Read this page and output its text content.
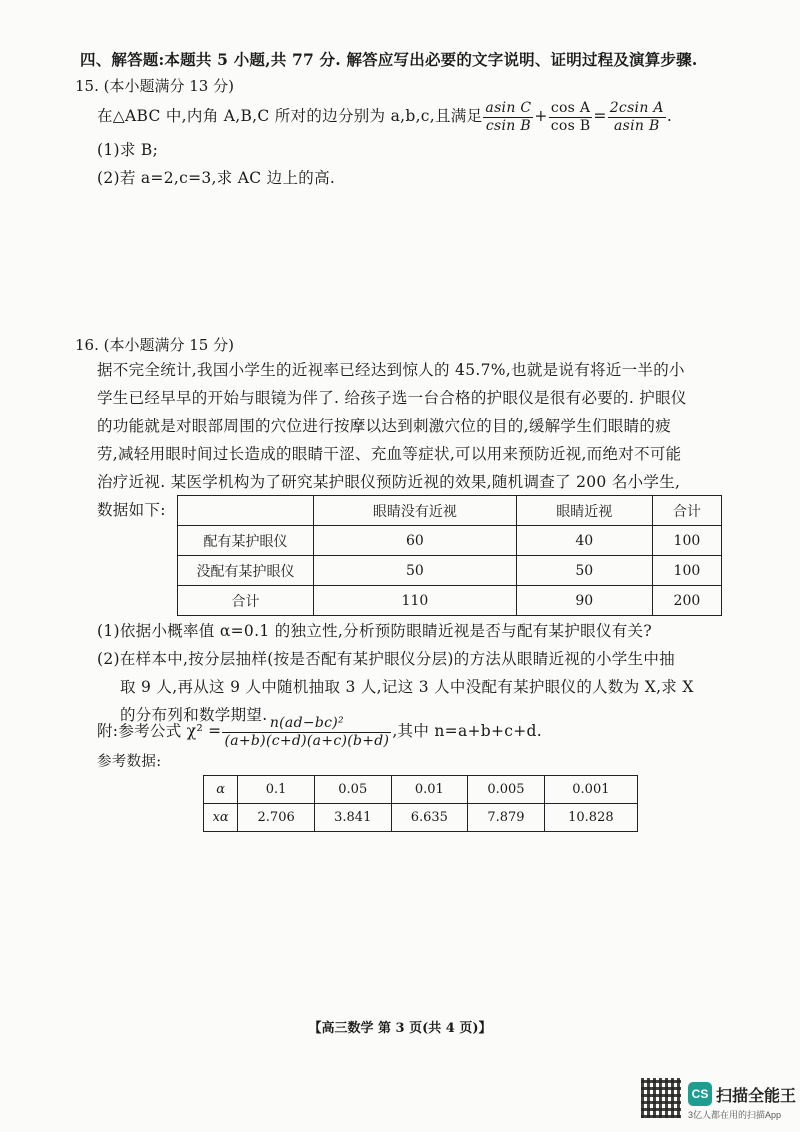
四、解答题:本题共 5 小题,共 77 分. 解答应写出必要的文字说明、证明过程及演算步骤.
15. (本小题满分 13 分)
在△ABC 中,内角 A,B,C 所对的边分别为 a,b,c,且满足 $\frac{\text{asin C}}{\text{csin B}} + \frac{\text{cos A}}{\text{cos B}} = \frac{\text{2csin A}}{\text{asin B}}$ .
(1)求 B;
(2)若 a=2,c=3,求 AC 边上的高.
16. (本小题满分 15 分)
据不完全统计,我国小学生的近视率已经达到惊人的 45.7%,也就是说有将近一半的小
学生已经早早的开始与眼镜为伴了. 给孩子选一台合格的护眼仪是很有必要的. 护眼仪
的功能就是对眼部周围的穴位进行按摩以达到刺激穴位的目的,缓解学生们眼睛的疲
劳,减轻用眼时间过长造成的眼睛干涩、充血等症状,可以用来预防近视,而绝对不可能
治疗近视. 某医学机构为了研究某护眼仪预防近视的效果,随机调查了 200 名小学生,
数据如下:
		眼睛没有近视	眼睛近视	合计
配有某护眼仪	60	40	100
没配有某护眼仪	50	50	100
合计	110	90	200
(1)依据小概率值 α=0.1 的独立性,分析预防眼睛近视是否与配有某护眼仪有关?
(2)在样本中,按分层抽样(按是否配有某护眼仪分层)的方法从眼睛近视的小学生中抽
取 9 人,再从这 9 人中随机抽取 3 人,记这 3 人中没配有某护眼仪的人数为 X,求 X
的分布列和数学期望.
附:参考公式 $\chi^2 = \frac{\text{n(ad−bc)²}}{(a+b)(c+d)(a+c)(b+d)}$ ,其中 n=a+b+c+d.
参考数据:
α	0.1	0.05	0.01	0.005	0.001
xα	2.706	3.841	6.635	7.879	10.828
【高三数学 第 3 页(共 4 页)】
CS 扫描全能王
3亿人都在用的扫描App
